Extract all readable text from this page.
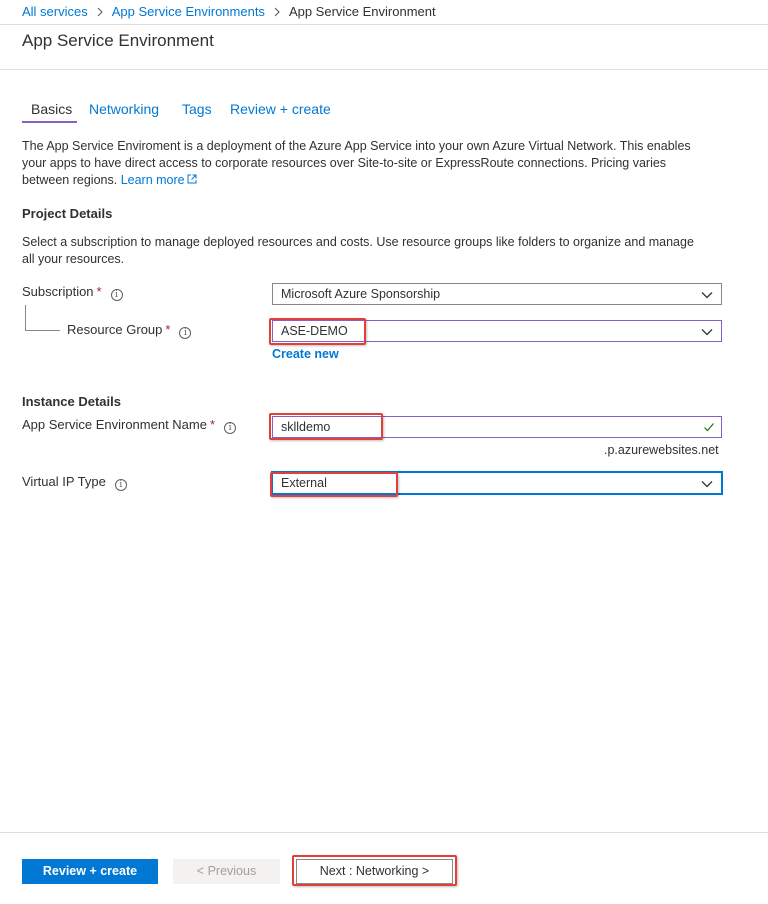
All services App Service Environments App Service Environment
App Service Environment
Basics Networking Tags Review + create
The App Service Enviroment is a deployment of the Azure App Service into your own Azure Virtual Network. This enables
your apps to have direct access to corporate resources over Site-to-site or ExpressRoute connections. Pricing varies
between regions. Learn more
Project Details
Select a subscription to manage deployed resources and costs. Use resource groups like folders to organize and manage
all your resources.
Subscription * i	Microsoft Azure Sponsorship
Resource Group * i	ASE-DEMO
Create new
Instance Details
App Service Environment Name * i	sklldemo
.p.azurewebsites.net
Virtual IP Type i	External
Review + create	< Previous	Next : Networking >
